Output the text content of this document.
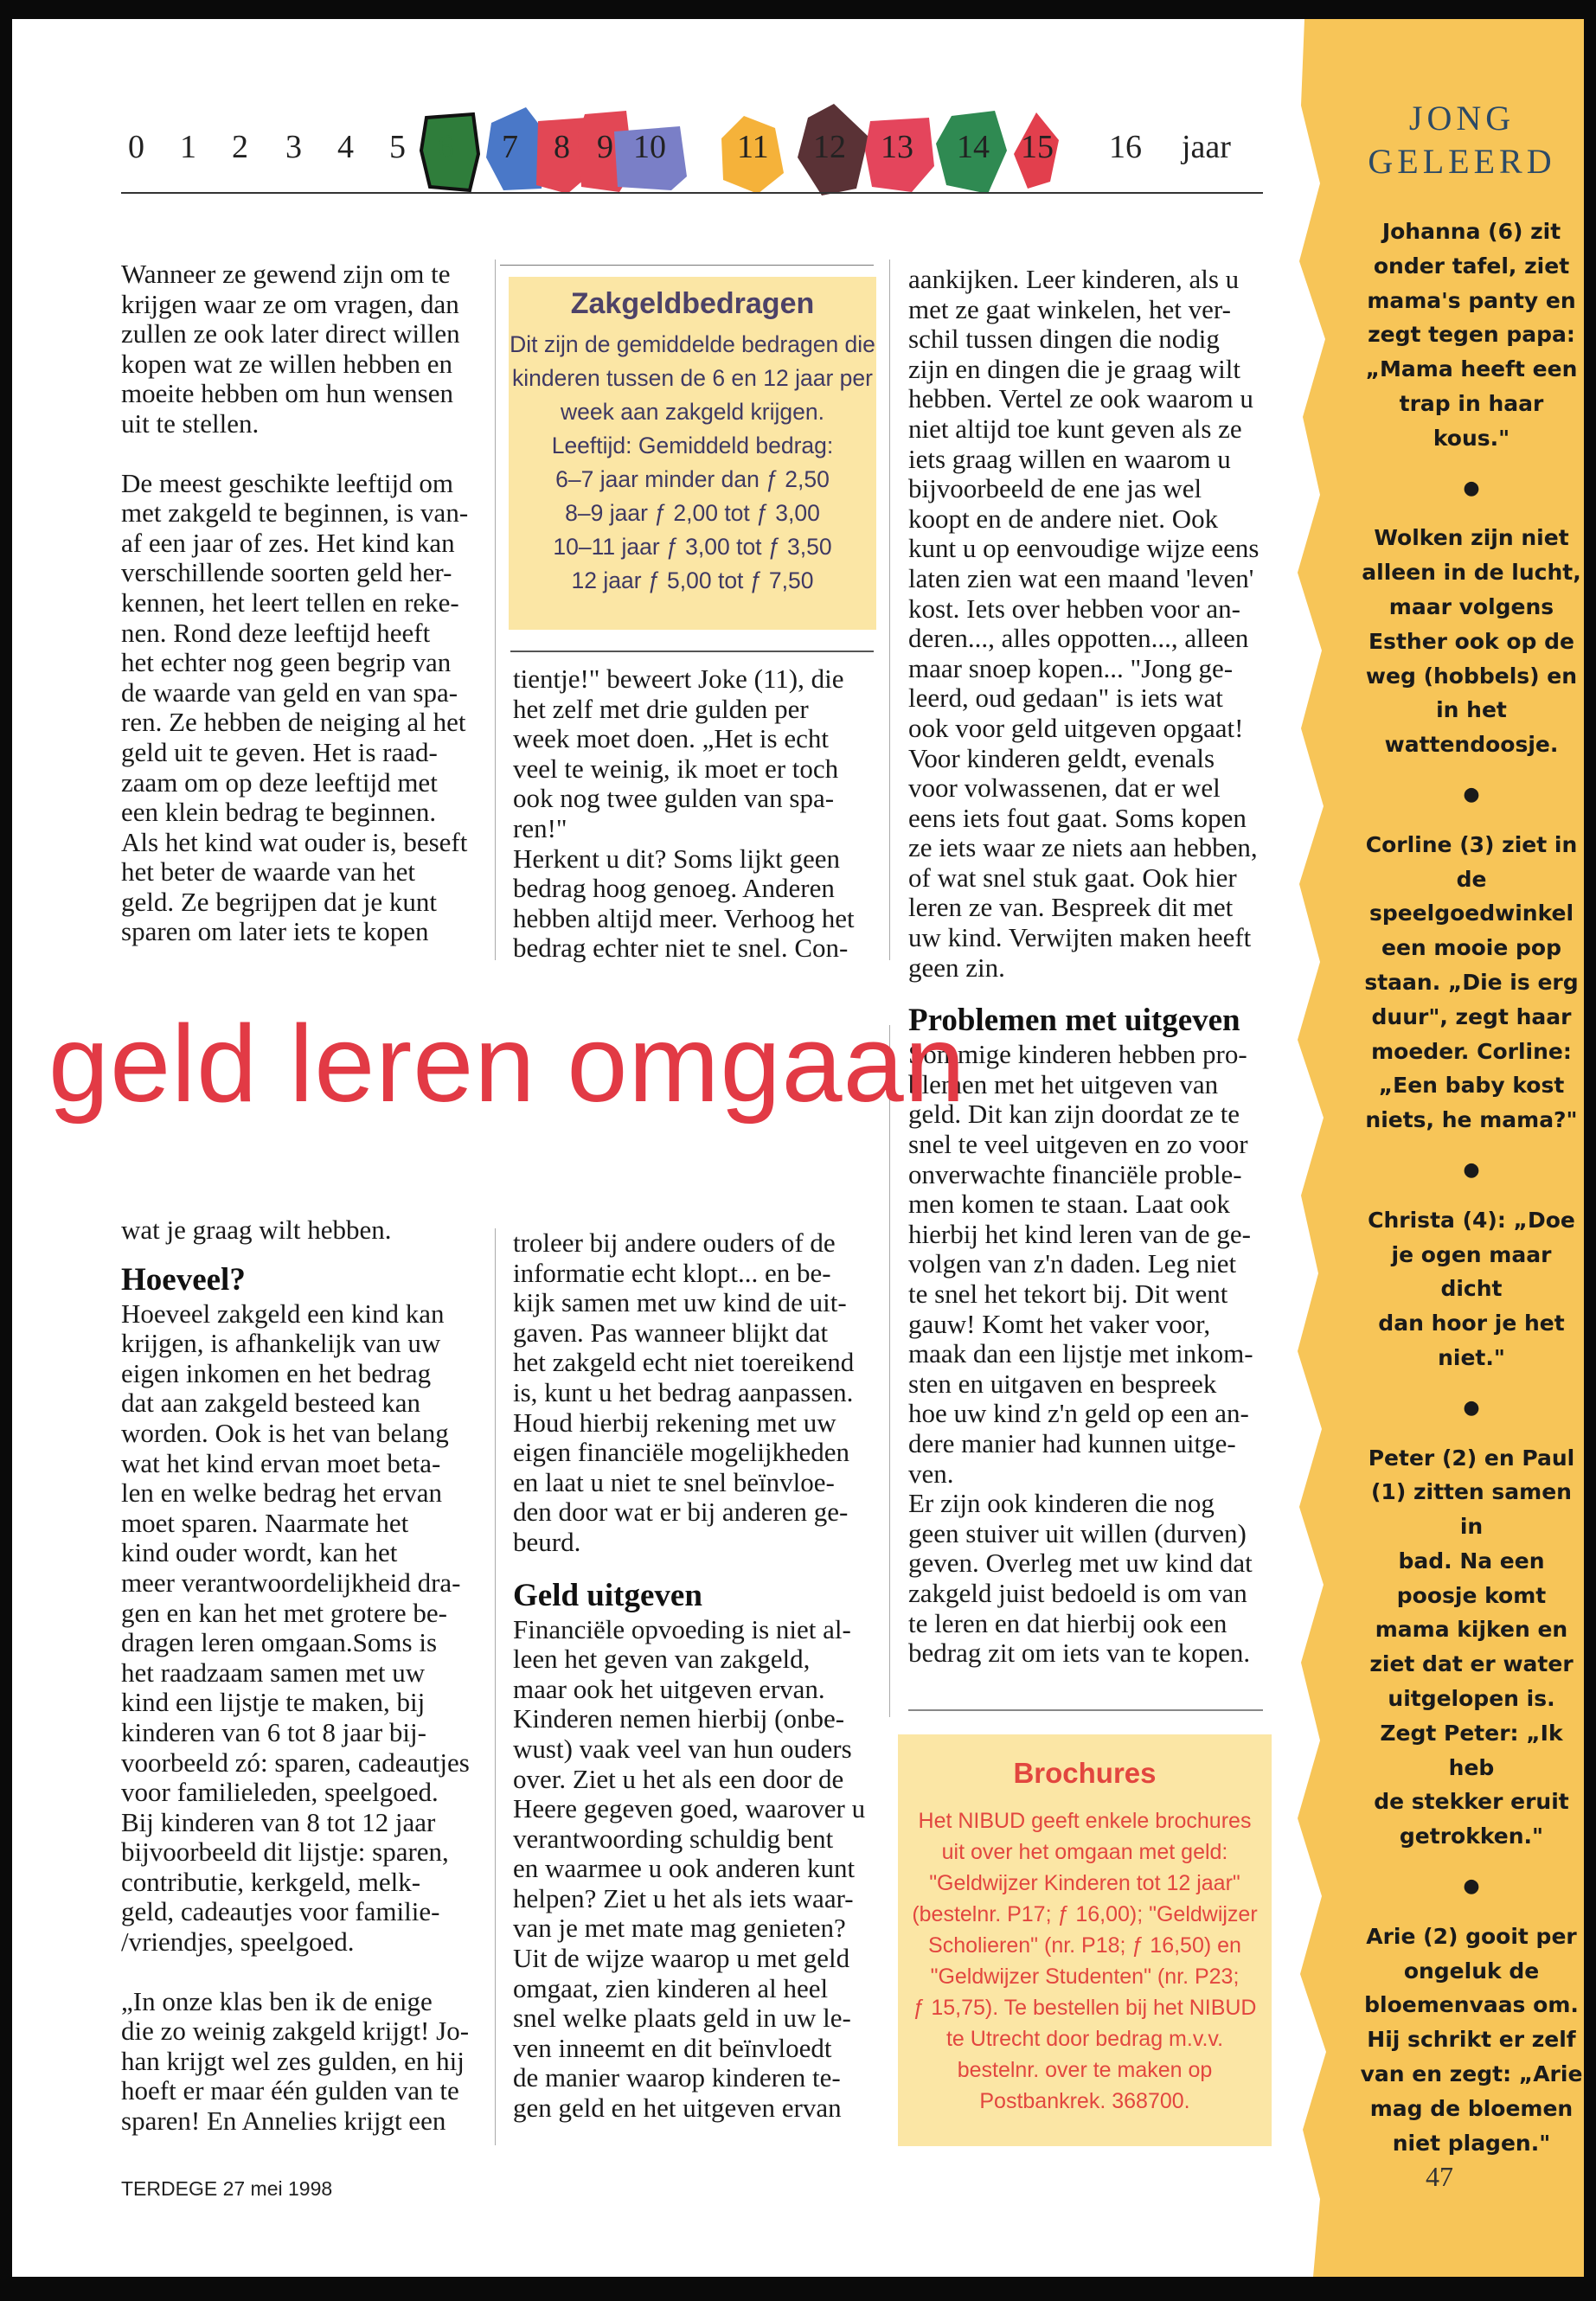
0 1 2 3 4 5 6 7 8 9 10 11 12 13 14 15 16 jaar

Wanneer ze gewend zijn om te
krijgen waar ze om vragen, dan
zullen ze ook later direct willen
kopen wat ze willen hebben en
moeite hebben om hun wensen
uit te stellen.

De meest geschikte leeftijd om
met zakgeld te beginnen, is van-
af een jaar of zes. Het kind kan
verschillende soorten geld her-
kennen, het leert tellen en reke-
nen. Rond deze leeftijd heeft
het echter nog geen begrip van
de waarde van geld en van spa-
ren. Ze hebben de neiging al het
geld uit te geven. Het is raad-
zaam om op deze leeftijd met
een klein bedrag te beginnen.
Als het kind wat ouder is, beseft
het beter de waarde van het
geld. Ze begrijpen dat je kunt
sparen om later iets te kopen

Zakgeldbedragen

Dit zijn de gemiddelde bedragen die
kinderen tussen de 6 en 12 jaar per
week aan zakgeld krijgen.
Leeftijd: Gemiddeld bedrag:
6–7 jaar minder dan ƒ 2,50
8–9 jaar ƒ 2,00 tot ƒ 3,00
10–11 jaar ƒ 3,00 tot ƒ 3,50
12 jaar ƒ 5,00 tot ƒ 7,50

tientje!" beweert Joke (11), die
het zelf met drie gulden per
week moet doen. „Het is echt
veel te weinig, ik moet er toch
ook nog twee gulden van spa-
ren!"
Herkent u dit? Soms lijkt geen
bedrag hoog genoeg. Anderen
hebben altijd meer. Verhoog het
bedrag echter niet te snel. Con-

aankijken. Leer kinderen, als u
met ze gaat winkelen, het ver-
schil tussen dingen die nodig
zijn en dingen die je graag wilt
hebben. Vertel ze ook waarom u
niet altijd toe kunt geven als ze
iets graag willen en waarom u
bijvoorbeeld de ene jas wel
koopt en de andere niet. Ook
kunt u op eenvoudige wijze eens
laten zien wat een maand 'leven'
kost. Iets over hebben voor an-
deren..., alles oppotten..., alleen
maar snoep kopen... "Jong ge-
leerd, oud gedaan" is iets wat
ook voor geld uitgeven opgaat!
Voor kinderen geldt, evenals
voor volwassenen, dat er wel
eens iets fout gaat. Soms kopen
ze iets waar ze niets aan hebben,
of wat snel stuk gaat. Ook hier
leren ze van. Bespreek dit met
uw kind. Verwijten maken heeft
geen zin.

Problemen met uitgeven

Sommige kinderen hebben pro-
blemen met het uitgeven van
geld. Dit kan zijn doordat ze te
snel te veel uitgeven en zo voor
onverwachte financiële proble-
men komen te staan. Laat ook
hierbij het kind leren van de ge-
volgen van z'n daden. Leg niet
te snel het tekort bij. Dit went
gauw! Komt het vaker voor,
maak dan een lijstje met inkom-
sten en uitgaven en bespreek
hoe uw kind z'n geld op een an-
dere manier had kunnen uitge-
ven.
Er zijn ook kinderen die nog
geen stuiver uit willen (durven)
geven. Overleg met uw kind dat
zakgeld juist bedoeld is om van
te leren en dat hierbij ook een
bedrag zit om iets van te kopen.

geld leren omgaan

wat je graag wilt hebben.

Hoeveel?

Hoeveel zakgeld een kind kan
krijgen, is afhankelijk van uw
eigen inkomen en het bedrag
dat aan zakgeld besteed kan
worden. Ook is het van belang
wat het kind ervan moet beta-
len en welke bedrag het ervan
moet sparen. Naarmate het
kind ouder wordt, kan het
meer verantwoordelijkheid dra-
gen en kan het met grotere be-
dragen leren omgaan.Soms is
het raadzaam samen met uw
kind een lijstje te maken, bij
kinderen van 6 tot 8 jaar bij-
voorbeeld zó: sparen, cadeautjes
voor familieleden, speelgoed.
Bij kinderen van 8 tot 12 jaar
bijvoorbeeld dit lijstje: sparen,
contributie, kerkgeld, melk-
geld, cadeautjes voor familie-
/vriendjes, speelgoed.

„In onze klas ben ik de enige
die zo weinig zakgeld krijgt! Jo-
han krijgt wel zes gulden, en hij
hoeft er maar één gulden van te
sparen! En Annelies krijgt een

troleer bij andere ouders of de
informatie echt klopt... en be-
kijk samen met uw kind de uit-
gaven. Pas wanneer blijkt dat
het zakgeld echt niet toereikend
is, kunt u het bedrag aanpassen.
Houd hierbij rekening met uw
eigen financiële mogelijkheden
en laat u niet te snel beïnvloe-
den door wat er bij anderen ge-
beurd.

Geld uitgeven

Financiële opvoeding is niet al-
leen het geven van zakgeld,
maar ook het uitgeven ervan.
Kinderen nemen hierbij (onbe-
wust) vaak veel van hun ouders
over. Ziet u het als een door de
Heere gegeven goed, waarover u
verantwoording schuldig bent
en waarmee u ook anderen kunt
helpen? Ziet u het als iets waar-
van je met mate mag genieten?
Uit de wijze waarop u met geld
omgaat, zien kinderen al heel
snel welke plaats geld in uw le-
ven inneemt en dit beïnvloedt
de manier waarop kinderen te-
gen geld en het uitgeven ervan

Brochures

Het NIBUD geeft enkele brochures
uit over het omgaan met geld:
"Geldwijzer Kinderen tot 12 jaar"
(bestelnr. P17; ƒ 16,00); "Geldwijzer
Scholieren" (nr. P18; ƒ 16,50) en
"Geldwijzer Studenten" (nr. P23;
ƒ 15,75). Te bestellen bij het NIBUD
te Utrecht door bedrag m.v.v.
bestelnr. over te maken op
Postbankrek. 368700.

TERDEGE 27 mei 1998
JONG
GELEERD

Johanna (6) zit
onder tafel, ziet
mama's panty en
zegt tegen papa:
„Mama heeft een
trap in haar
kous."

●

Wolken zijn niet
alleen in de lucht,
maar volgens
Esther ook op de
weg (hobbels) en
in het
wattendoosje.

●

Corline (3) ziet in
de
speelgoedwinkel
een mooie pop
staan. „Die is erg
duur", zegt haar
moeder. Corline:
„Een baby kost
niets, he mama?"

●

Christa (4): „Doe
je ogen maar dicht
dan hoor je het
niet."

●

Peter (2) en Paul
(1) zitten samen in
bad. Na een
poosje komt
mama kijken en
ziet dat er water
uitgelopen is.
Zegt Peter: „Ik heb
de stekker eruit
getrokken."

●

Arie (2) gooit per
ongeluk de
bloemenvaas om.
Hij schrikt er zelf
van en zegt: „Arie
mag de bloemen
niet plagen."

47
